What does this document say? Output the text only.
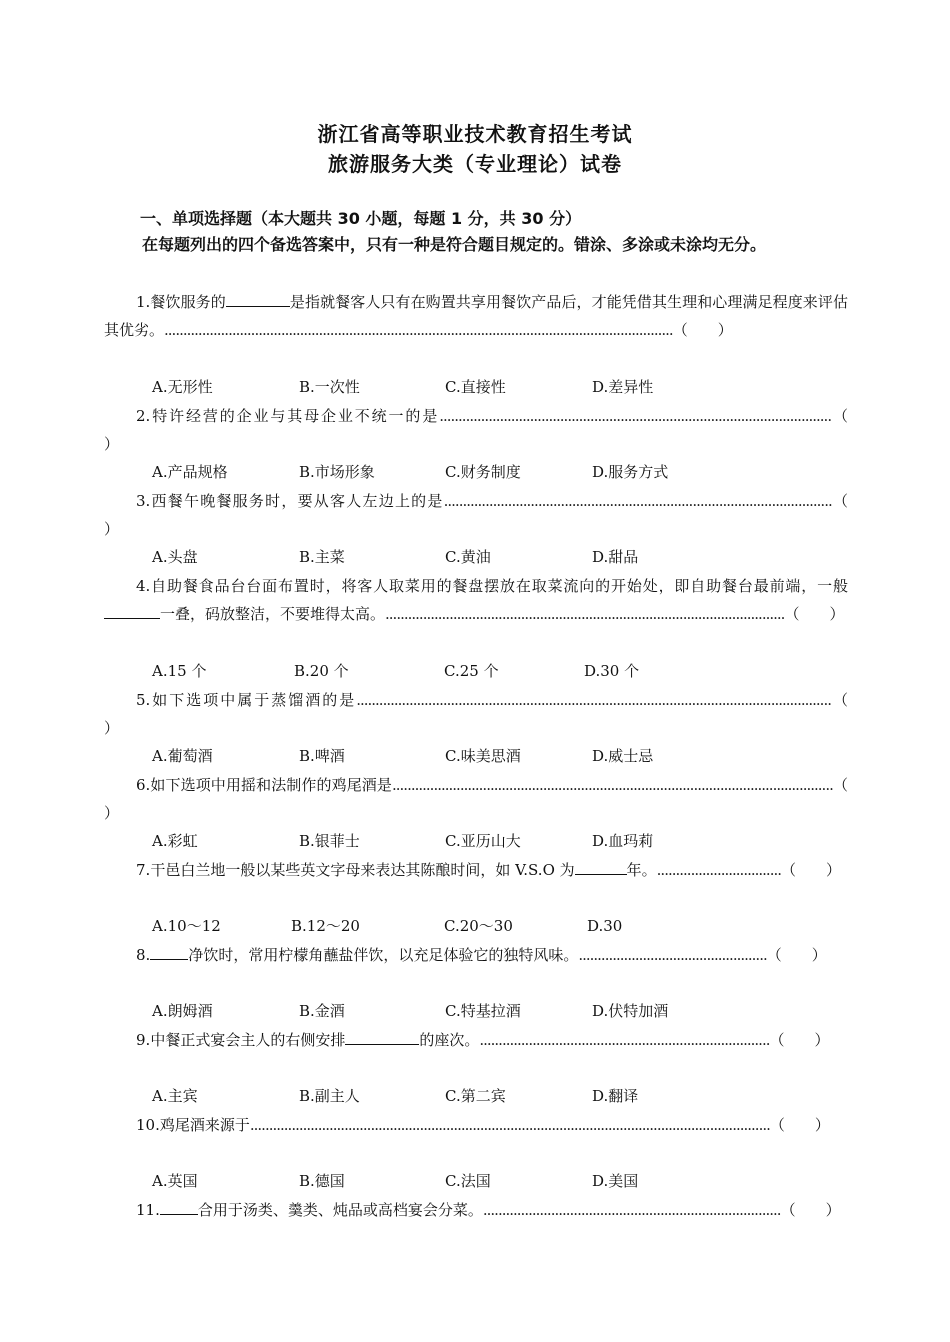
浙江省高等职业技术教育招生考试
旅游服务大类（专业理论）试卷
一、单项选择题（本大题共 30 小题，每题 1 分，共 30 分）

在每题列出的四个备选答案中，只有一种是符合题目规定的。错涂、多涂或未涂均无分。

1.餐饮服务的	是指就餐客人只有在购置共享用餐饮产品后，才能凭借其生理和心理满足程度来评估其优劣。.......................................................................................................................................（　　）

A.无形性	B.一次性	C.直接性	D.差异性

2.特许经营的企业与其母企业不统一的是........................................................................................................（　　）

A.产品规格	B.市场形象	C.财务制度	D.服务方式

3.西餐午晚餐服务时，要从客人左边上的是.......................................................................................................（　　）

A.头盘	B.主菜	C.黄油	D.甜品

4.自助餐食品台台面布置时，将客人取菜用的餐盘摆放在取菜流向的开始处，即自助餐台最前端，一般一叠，码放整洁，不要堆得太高。..........................................................................................................（　　）

A.15 个	B.20 个	C.25 个	D.30 个

5.如下选项中属于蒸馏酒的是..............................................................................................................................（　　）

A.葡萄酒	B.啤酒	C.味美思酒	D.威士忌

6.如下选项中用摇和法制作的鸡尾酒是.....................................................................................................................（　　）

A.彩虹	B.银菲士	C.亚历山大	D.血玛莉

7.干邑白兰地一般以某些英文字母来表达其陈酿时间，如 V.S.O 为	年。.................................（　　）

A.10～12	B.12～20	C.20～30	D.30

8.	净饮时，常用柠檬角蘸盐伴饮，以充足体验它的独特风味。..................................................（　　）

A.朗姆酒	B.金酒	C.特基拉酒	D.伏特加酒

9.中餐正式宴会主人的右侧安排	的座次。.............................................................................（　　）

A.主宾	B.副主人	C.第二宾	D.翻译

10.鸡尾酒来源于..........................................................................................................................................（　　）

A.英国	B.德国	C.法国	D.美国

11.	合用于汤类、羹类、炖品或高档宴会分菜。...............................................................................（　　）
